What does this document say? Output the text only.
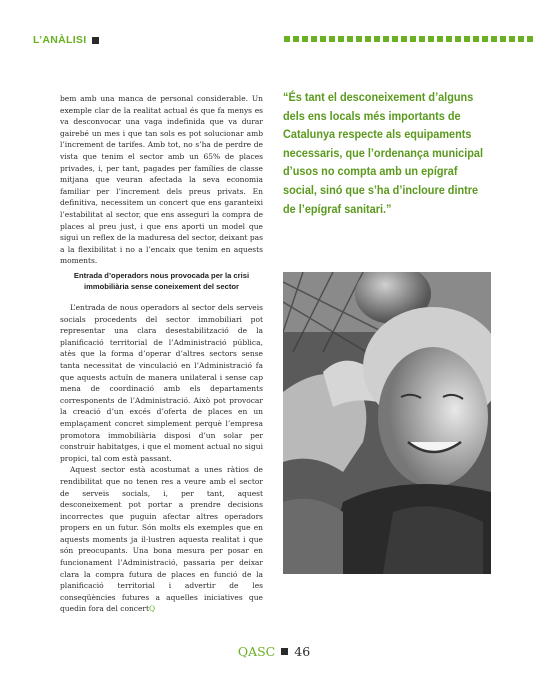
L’ANÀLISI

bem amb una manca de personal considerable. Un exemple clar de la realitat actual és que fa menys es va desconvocar una vaga indefinida que va durar gairebé un mes i que tan sols es pot solucionar amb l’increment de tarifes. Amb tot, no s’ha de perdre de vista que tenim el sector amb un 65% de places privades, i, per tant, pagades per famílies de classe mitjana que veuran afectada la seva economia familiar per l’increment dels preus privats. En definitiva, necessitem un concert que ens garanteixi l’estabilitat al sector, que ens asseguri la compra de places al preu just, i que ens aporti un model que sigui un reflex de la maduresa del sector, deixant pas a la flexibilitat i no a l’encaix que tenim en aquests moments.

“És tant el desconeixement d’alguns dels ens locals més importants de Catalunya respecte als equipaments necessaris, que l’ordenança municipal d’usos no compta amb un epígraf social, sinó que s’ha d’incloure dintre de l’epígraf sanitari.”
Entrada d’operadors nous provocada per la crisi immobiliària sense coneixement del sector

L’entrada de nous operadors al sector dels serveis socials procedents del sector immobiliari pot representar una clara desestabilització de la planificació territorial de l’Administració pública, atès que la forma d’operar d’altres sectors sense tanta necessitat de vinculació en l’Administració fa que aquests actuïn de manera unilateral i sense cap mena de coordinació amb els departaments corresponents de l’Administració. Això pot provocar la creació d’un excés d’oferta de places en un emplaçament concret simplement perquè l’empresa promotora immobiliària disposi d’un solar per construir habitatges, i que el moment actual no sigui propici, tal com està passant.

Aquest sector està acostumat a unes ràtios de rendibilitat que no tenen res a veure amb el sector de serveis socials, i, per tant, aquest desconeixement pot portar a prendre decisions incorrectes que puguin afectar altres operadors propers en un futur. Són molts els exemples que en aquests moments ja il·lustren aquesta realitat i que són preocupants. Una bona mesura per posar en funcionament l’Administració, passaria per deixar clara la compra futura de places en funció de la planificació territorial i advertir de les conseqüències futures a aquelles iniciatives que quedin fora del concertQ

QASC 46
